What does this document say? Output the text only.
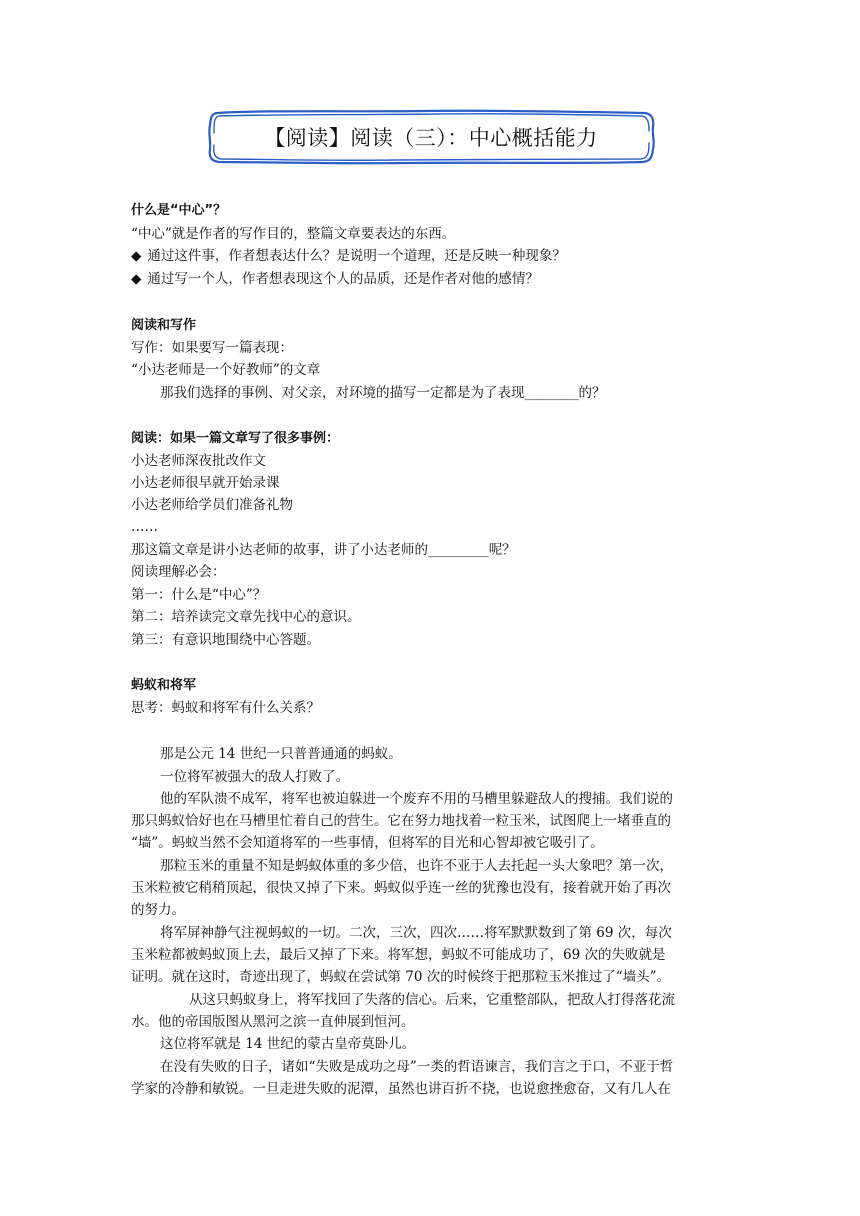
【阅读】阅读（三）：中心概括能力
什么是“中心”？
“中心”就是作者的写作目的，整篇文章要表达的东西。
◆ 通过这件事，作者想表达什么？是说明一个道理，还是反映一种现象？
◆ 通过写一个人，作者想表现这个人的品质，还是作者对他的感情？
阅读和写作
写作：如果要写一篇表现：
“小达老师是一个好教师”的文章
那我们选择的事例、对父亲，对环境的描写一定都是为了表现________的？
阅读：如果一篇文章写了很多事例：
小达老师深夜批改作文
小达老师很早就开始录课
小达老师给学员们准备礼物
……
那这篇文章是讲小达老师的故事，讲了小达老师的_________呢？
阅读理解必会：
第一：什么是“中心”？
第二：培养读完文章先找中心的意识。
第三：有意识地围绕中心答题。
蚂蚁和将军
思考：蚂蚁和将军有什么关系？
那是公元 14 世纪一只普普通通的蚂蚁。
一位将军被强大的敌人打败了。
他的军队溃不成军，将军也被迫躲进一个废弃不用的马槽里躲避敌人的搜捕。我们说的
那只蚂蚁恰好也在马槽里忙着自己的营生。它在努力地找着一粒玉米，试图爬上一堵垂直的
“墙”。蚂蚁当然不会知道将军的一些事情，但将军的目光和心智却被它吸引了。
那粒玉米的重量不知是蚂蚁体重的多少倍，也许不亚于人去托起一头大象吧？第一次，
玉米粒被它稍稍顶起，很快又掉了下来。蚂蚁似乎连一丝的犹豫也没有，接着就开始了再次
的努力。
将军屏神静气注视蚂蚁的一切。二次，三次，四次……将军默默数到了第 69 次，每次
玉米粒都被蚂蚁顶上去，最后又掉了下来。将军想，蚂蚁不可能成功了，69 次的失败就是
证明。就在这时，奇迹出现了，蚂蚁在尝试第 70 次的时候终于把那粒玉米推过了“墙头”。
从这只蚂蚁身上，将军找回了失落的信心。后来，它重整部队，把敌人打得落花流
水。他的帝国版图从黑河之滨一直伸展到恒河。
这位将军就是 14 世纪的蒙古皇帝莫卧儿。
在没有失败的日子，诸如“失败是成功之母”一类的哲语谏言，我们言之于口，不亚于哲
学家的冷静和敏锐。一旦走进失败的泥潭，虽然也讲百折不挠，也说愈挫愈奋，又有几人在
